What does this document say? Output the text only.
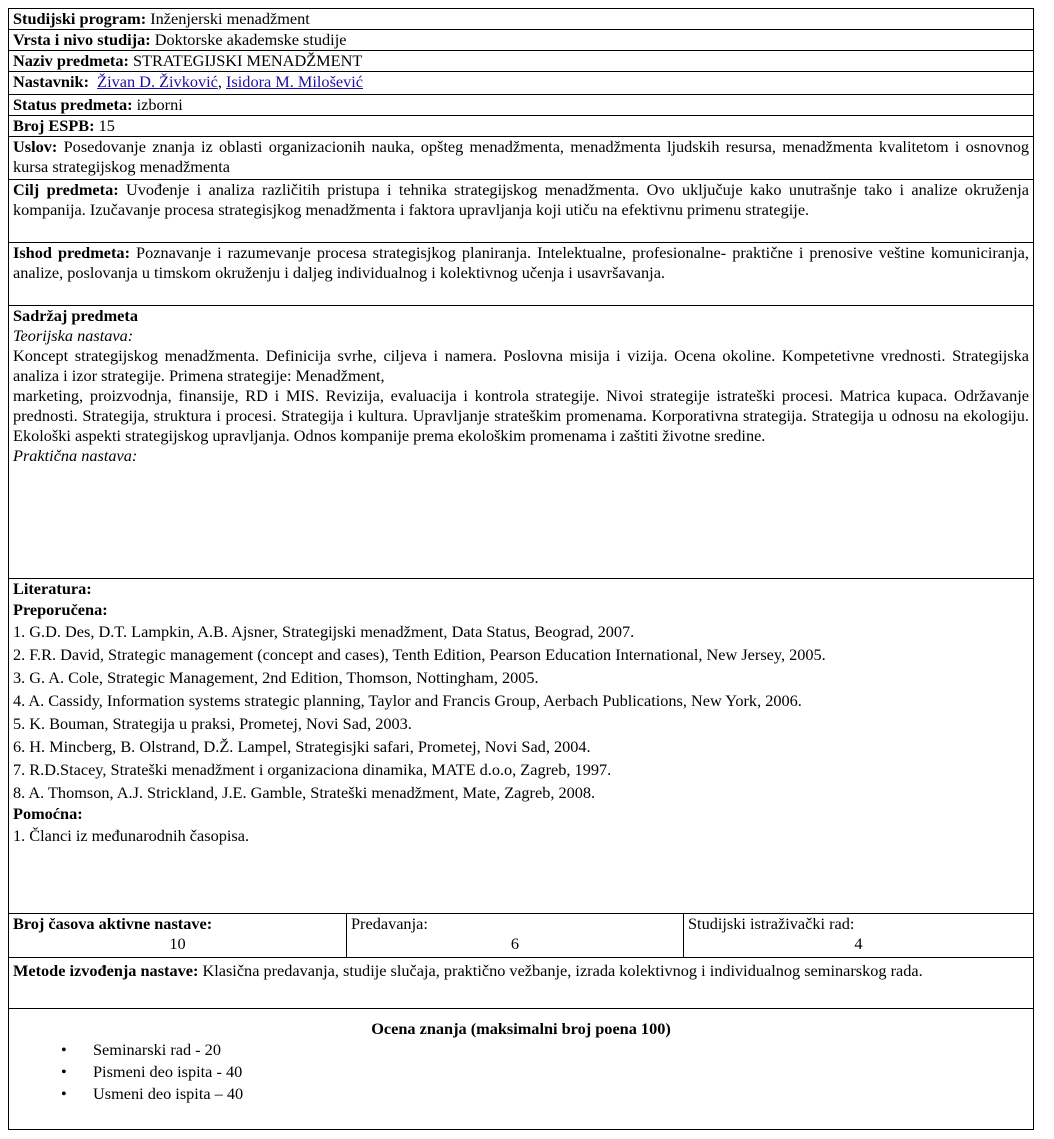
Studijski program: Inženjerski menadžment
Vrsta i nivo studija: Doktorske akademske studije
Naziv predmeta: STRATEGIJSKI MENADŽMENT
Nastavnik: Živan D. Živković, Isidora M. Milošević
Status predmeta: izborni
Broj ESPB: 15
Uslov: Posedovanje znanja iz oblasti organizacionih nauka, opšteg menadžmenta, menadžmenta ljudskih resursa, menadžmenta kvalitetom i osnovnog kursa strategijskog menadžmenta
Cilj predmeta: Uvođenje i analiza različitih pristupa i tehnika strategijskog menadžmenta. Ovo uključuje kako unutrašnje tako i analize okruženja kompanija. Izučavanje procesa strategisjkog menadžmenta i faktora upravljanja koji utiču na efektivnu primenu strategije.
Ishod predmeta: Poznavanje i razumevanje procesa strategisjkog planiranja. Intelektualne, profesionalne- praktične i prenosive veštine komuniciranja, analize, poslovanja u timskom okruženju i daljeg individualnog i kolektivnog učenja i usavršavanja.
Sadržaj predmeta
Teorijska nastava:
Koncept strategijskog menadžmenta. Definicija svrhe, ciljeva i namera. Poslovna misija i vizija. Ocena okoline. Kompetetivne vrednosti. Strategijska analiza i izor strategije. Primena strategije: Menadžment,
marketing, proizvodnja, finansije, RD i MIS. Revizija, evaluacija i kontrola strategije. Nivoi strategije istrateški procesi. Matrica kupaca. Održavanje prednosti. Strategija, struktura i procesi. Strategija i kultura. Upravljanje strateškim promenama. Korporativna strategija. Strategija u odnosu na ekologiju. Ekološki aspekti strategijskog upravljanja. Odnos kompanije prema ekološkim promenama i zaštiti životne sredine.
Praktična nastava:
Literatura:
Preporučena:
1. G.D. Des, D.T. Lampkin, A.B. Ajsner, Strategijski menadžment, Data Status, Beograd, 2007.
2. F.R. David, Strategic management (concept and cases), Tenth Edition, Pearson Education International, New Jersey, 2005.
3. G. A. Cole, Strategic Management, 2nd Edition, Thomson, Nottingham, 2005.
4. A. Cassidy, Information systems strategic planning, Taylor and Francis Group, Aerbach Publications, New York, 2006.
5. K. Bouman, Strategija u praksi, Prometej, Novi Sad, 2003.
6. H. Mincberg, B. Olstrand, D.Ž. Lampel, Strategisjki safari, Prometej, Novi Sad, 2004.
7. R.D.Stacey, Strateški menadžment i organizaciona dinamika, MATE d.o.o, Zagreb, 1997.
8. A. Thomson, A.J. Strickland, J.E. Gamble, Strateški menadžment, Mate, Zagreb, 2008.
Pomoćna:
1. Članci iz međunarodnih časopisa.
Broj časova aktivne nastave:
10
Predavanja:
6
Studijski istraživački rad:
4
Metode izvođenja nastave: Klasična predavanja, studije slučaja, praktično vežbanje, izrada kolektivnog i individualnog seminarskog rada.
Ocena znanja (maksimalni broj poena 100)
• Seminarski rad - 20
• Pismeni deo ispita - 40
• Usmeni deo ispita – 40
